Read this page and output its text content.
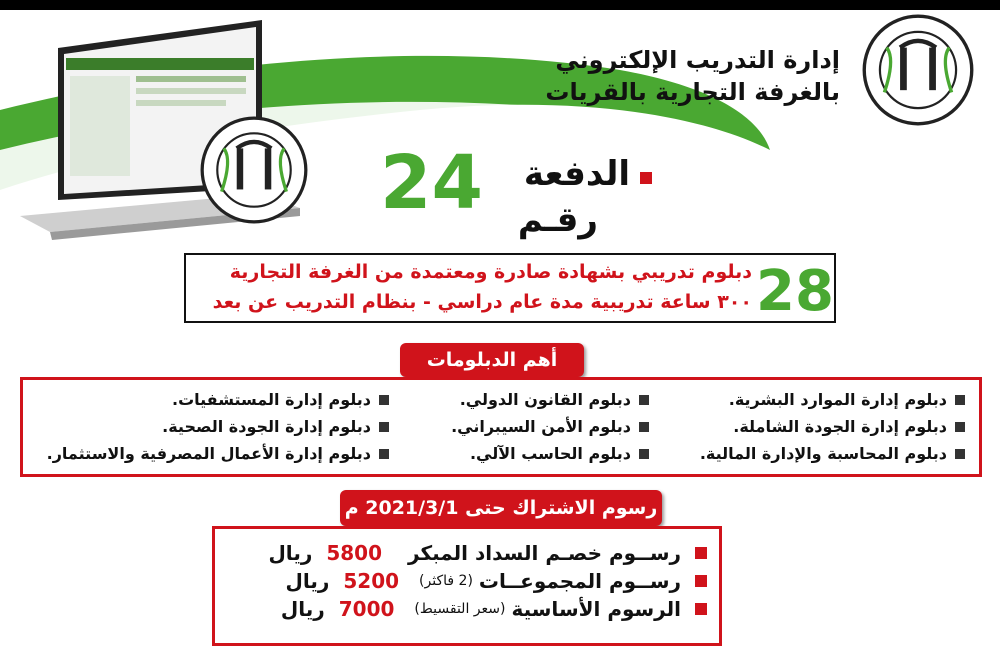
إدارة التدريب الإلكتروني
بالغرفة التجارية بالقريات
الدفعة
رقـم
24
28
دبلوم تدريبي بشهادة صادرة ومعتمدة من الغرفة التجارية
٣٠٠ ساعة تدريبية مدة عام دراسي - بنظام التدريب عن بعد
أهم الدبلومات
دبلوم إدارة الموارد البشرية.
دبلوم إدارة الجودة الشاملة.
دبلوم المحاسبة والإدارة المالية.
دبلوم القانون الدولي.
دبلوم الأمن السيبراني.
دبلوم الحاسب الآلي.
دبلوم إدارة المستشفيات.
دبلوم إدارة الجودة الصحية.
دبلوم إدارة الأعمال المصرفية والاستثمار.
رسوم الاشتراك حتى 2021/3/1 م
رســوم خصـم السداد المبكر
5800
ريال
رســوم المجموعــات
(2 فاكثر)
5200
ريال
الرسوم الأساسية
(سعر التقسيط)
7000
ريال
